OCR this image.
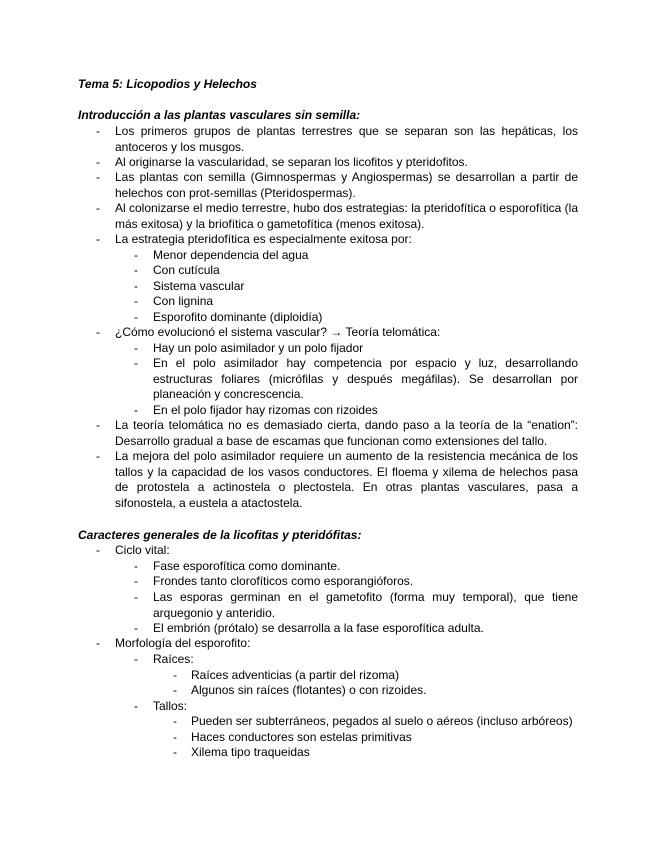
Tema 5: Licopodios y Helechos
Introducción a las plantas vasculares sin semilla:
- Los primeros grupos de plantas terrestres que se separan son las hepáticas, los antoceros y los musgos.
- Al originarse la vascularidad, se separan los licofitos y pteridofitos.
- Las plantas con semilla (Gimnospermas y Angiospermas) se desarrollan a partir de helechos con prot-semillas (Pteridospermas).
- Al colonizarse el medio terrestre, hubo dos estrategias: la pteridofítica o esporofítica (la más exitosa) y la briofítica o gametofítica (menos exitosa).
- La estrategia pteridofítica es especialmente exitosa por:
- Menor dependencia del agua
- Con cutícula
- Sistema vascular
- Con lignina
- Esporofito dominante (diploidía)
- ¿Cómo evolucionó el sistema vascular? → Teoría telomática:
- Hay un polo asimilador y un polo fijador
- En el polo asimilador hay competencia por espacio y luz, desarrollando estructuras foliares (micrófilas y después megáfilas). Se desarrollan por planeación y concrescencia.
- En el polo fijador hay rizomas con rizoides
- La teoría telomática no es demasiado cierta, dando paso a la teoría de la “enation”: Desarrollo gradual a base de escamas que funcionan como extensiones del tallo.
- La mejora del polo asimilador requiere un aumento de la resistencia mecánica de los tallos y la capacidad de los vasos conductores. El floema y xilema de helechos pasa de protostela a actinostela o plectostela. En otras plantas vasculares, pasa a sifonostela, a eustela a atactostela.
Caracteres generales de la licofitas y pteridófitas:
- Ciclo vital:
- Fase esporofítica como dominante.
- Frondes tanto clorofíticos como esporangióforos.
- Las esporas germinan en el gametofito (forma muy temporal), que tiene arquegonio y anteridio.
- El embrión (prótalo) se desarrolla a la fase esporofítica adulta.
- Morfología del esporofito:
- Raíces:
- Raíces adventicias (a partir del rizoma)
- Algunos sin raíces (flotantes) o con rizoides.
- Tallos:
- Pueden ser subterráneos, pegados al suelo o aéreos (incluso arbóreos)
- Haces conductores son estelas primitivas
- Xilema tipo traqueidas
